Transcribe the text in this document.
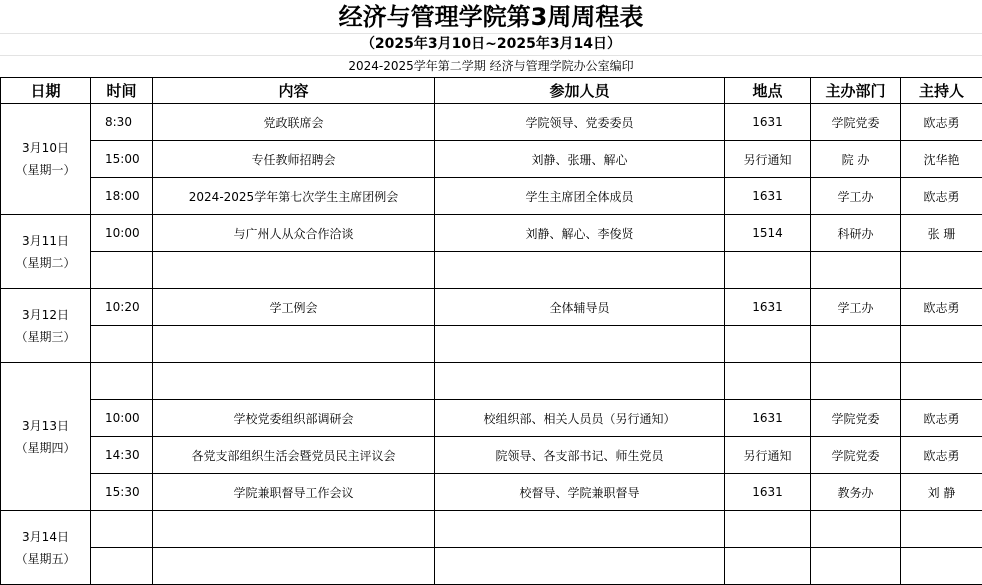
经济与管理学院第3周周程表
（2025年3月10日~2025年3月14日）
2024-2025学年第二学期 经济与管理学院办公室编印
日期	时间	内容	参加人员	地点	主办部门	主持人

3月10日
（星期一）	8:30	党政联席会	学院领导、党委委员	1631	学院党委	欧志勇
	15:00	专任教师招聘会	刘静、张珊、解心	另行通知	院 办	沈华艳
	18:00	2024-2025学年第七次学生主席团例会	学生主席团全体成员	1631	学工办	欧志勇

3月11日
（星期二）	10:00	与广州人从众合作洽谈	刘静、解心、李俊贤	1514	科研办	张 珊

3月12日
（星期三）	10:20	学工例会	全体辅导员	1631	学工办	欧志勇

3月13日
（星期四）						

	10:00	学校党委组织部调研会	校组织部、相关人员员（另行通知）	1631	学院党委	欧志勇
	14:30	各党支部组织生活会暨党员民主评议会	院领导、各支部书记、师生党员	另行通知	学院党委	欧志勇
	15:30	学院兼职督导工作会议	校督导、学院兼职督导	1631	教务办	刘 静

3月14日
（星期五）						
